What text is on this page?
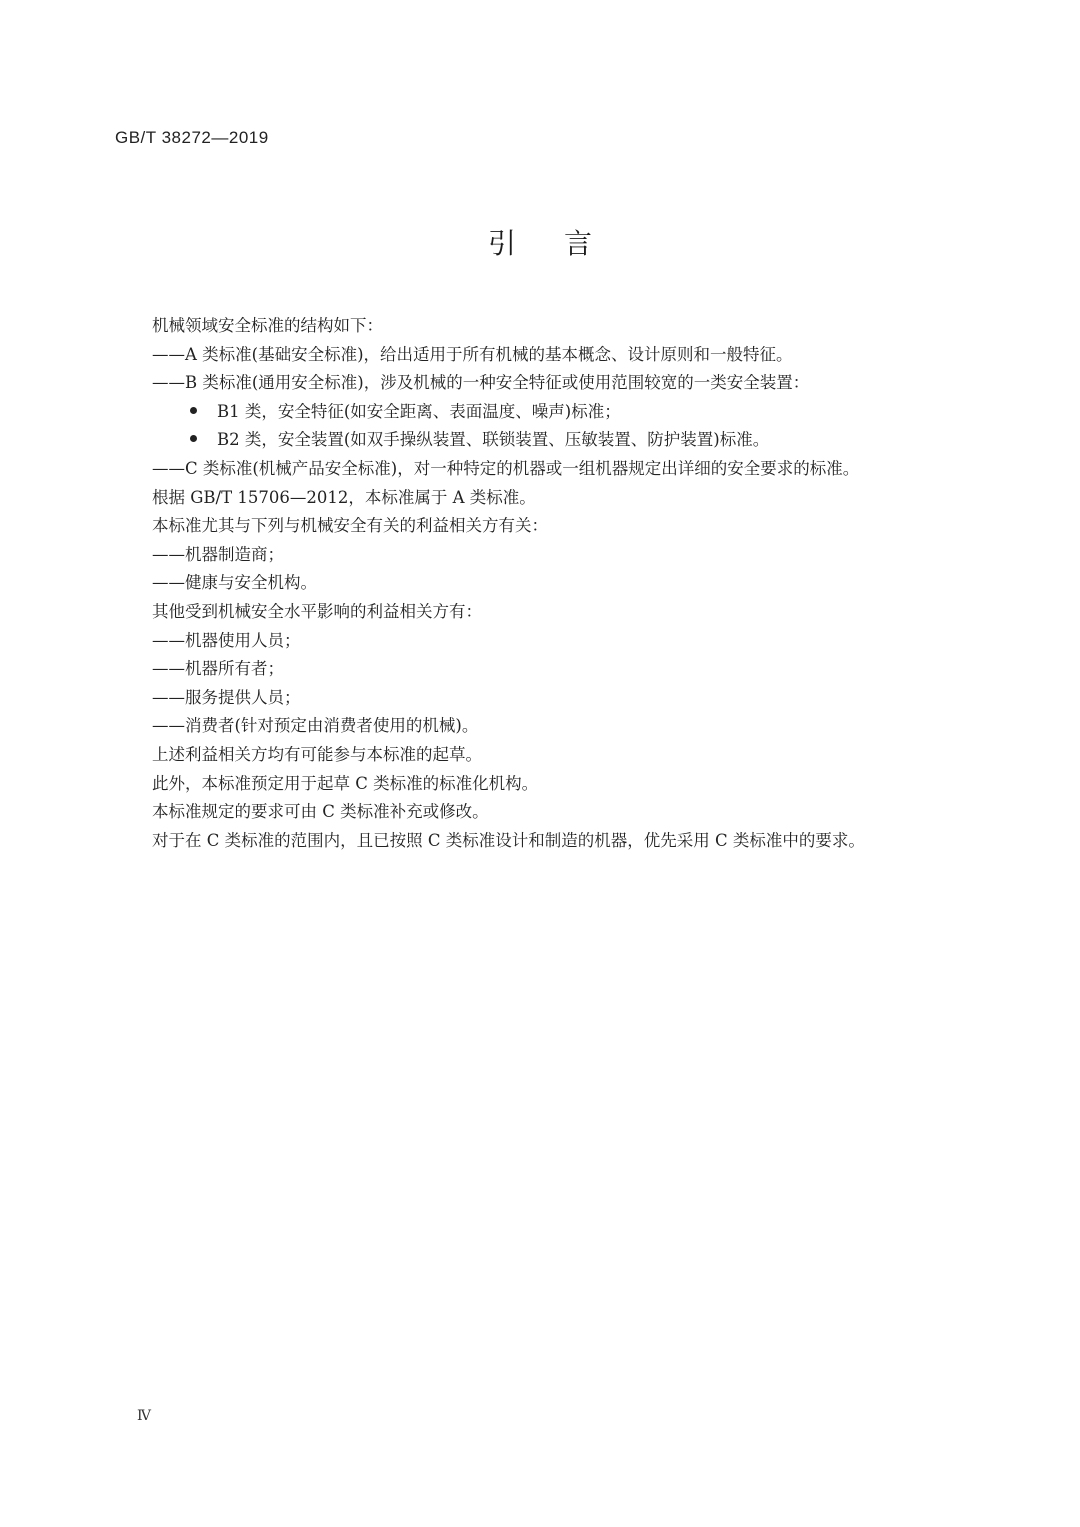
GB/T 38272—2019
引言
机械领域安全标准的结构如下：
——A 类标准(基础安全标准)，给出适用于所有机械的基本概念、设计原则和一般特征。
——B 类标准(通用安全标准)，涉及机械的一种安全特征或使用范围较宽的一类安全装置：
B1 类，安全特征(如安全距离、表面温度、噪声)标准；
B2 类，安全装置(如双手操纵装置、联锁装置、压敏装置、防护装置)标准。
——C 类标准(机械产品安全标准)，对一种特定的机器或一组机器规定出详细的安全要求的标准。
根据 GB/T 15706—2012，本标准属于 A 类标准。
本标准尤其与下列与机械安全有关的利益相关方有关：
——机器制造商；
——健康与安全机构。
其他受到机械安全水平影响的利益相关方有：
——机器使用人员；
——机器所有者；
——服务提供人员；
——消费者(针对预定由消费者使用的机械)。
上述利益相关方均有可能参与本标准的起草。
此外，本标准预定用于起草 C 类标准的标准化机构。
本标准规定的要求可由 C 类标准补充或修改。
对于在 C 类标准的范围内，且已按照 C 类标准设计和制造的机器，优先采用 C 类标准中的要求。
Ⅳ
